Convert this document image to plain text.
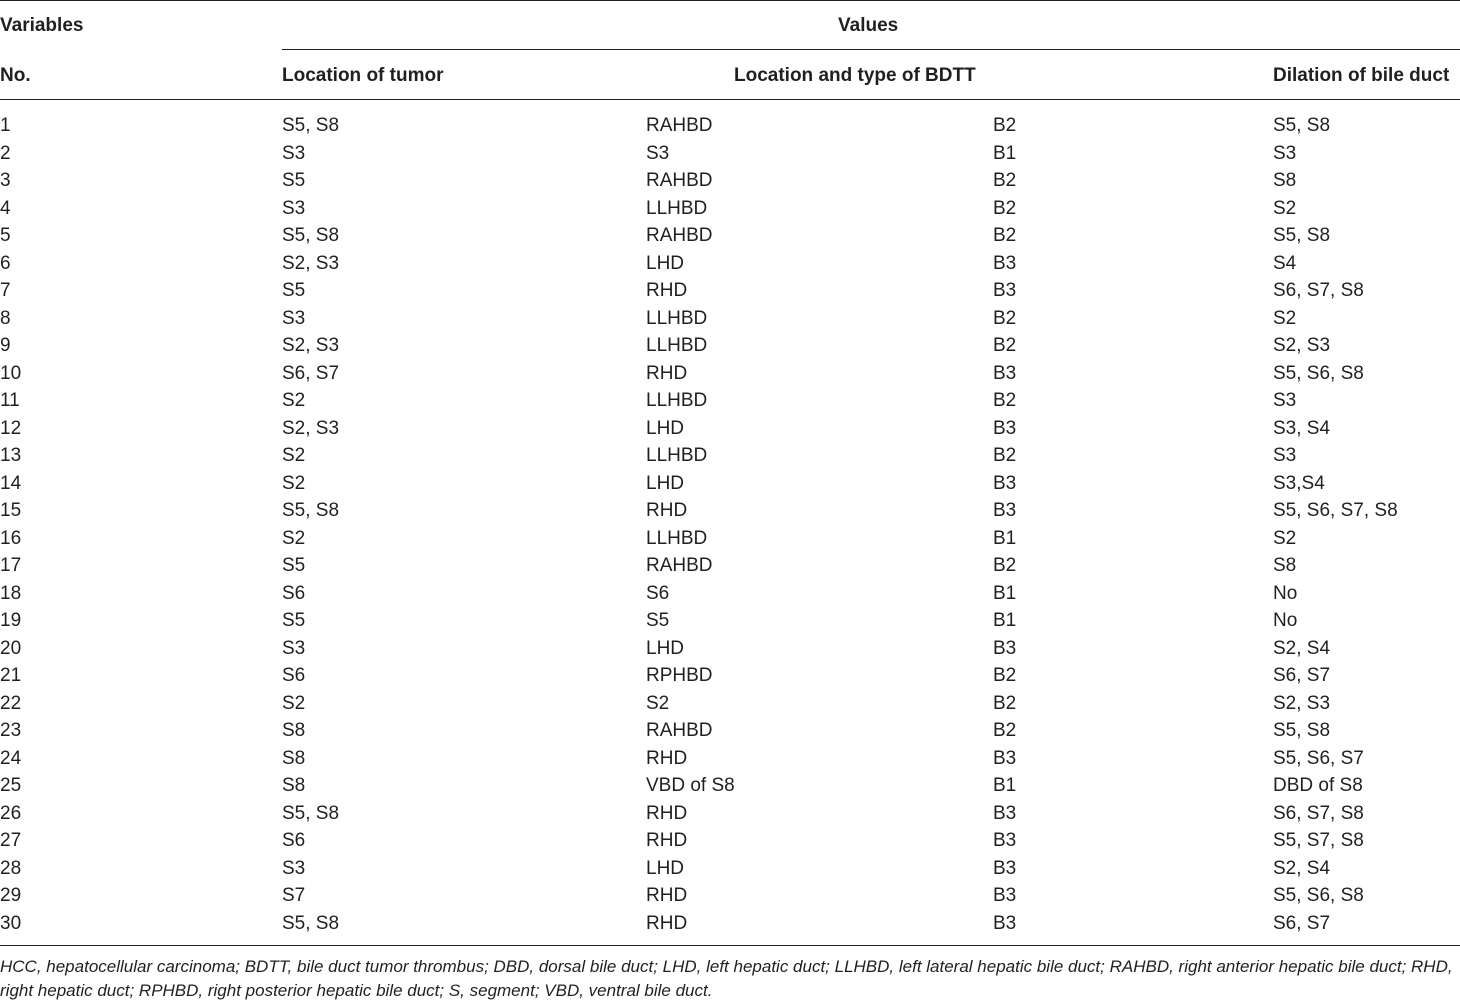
Variables	Values
No.	Location of tumor	Location and type of BDTT	Dilation of bile duct
1	S5, S8	RAHBD	B2	S5, S8
2	S3	S3	B1	S3
3	S5	RAHBD	B2	S8
4	S3	LLHBD	B2	S2
5	S5, S8	RAHBD	B2	S5, S8
6	S2, S3	LHD	B3	S4
7	S5	RHD	B3	S6, S7, S8
8	S3	LLHBD	B2	S2
9	S2, S3	LLHBD	B2	S2, S3
10	S6, S7	RHD	B3	S5, S6, S8
11	S2	LLHBD	B2	S3
12	S2, S3	LHD	B3	S3, S4
13	S2	LLHBD	B2	S3
14	S2	LHD	B3	S3,S4
15	S5, S8	RHD	B3	S5, S6, S7, S8
16	S2	LLHBD	B1	S2
17	S5	RAHBD	B2	S8
18	S6	S6	B1	No
19	S5	S5	B1	No
20	S3	LHD	B3	S2, S4
21	S6	RPHBD	B2	S6, S7
22	S2	S2	B2	S2, S3
23	S8	RAHBD	B2	S5, S8
24	S8	RHD	B3	S5, S6, S7
25	S8	VBD of S8	B1	DBD of S8
26	S5, S8	RHD	B3	S6, S7, S8
27	S6	RHD	B3	S5, S7, S8
28	S3	LHD	B3	S2, S4
29	S7	RHD	B3	S5, S6, S8
30	S5, S8	RHD	B3	S6, S7
HCC, hepatocellular carcinoma; BDTT, bile duct tumor thrombus; DBD, dorsal bile duct; LHD, left hepatic duct; LLHBD, left lateral hepatic bile duct; RAHBD, right anterior hepatic bile duct; RHD, right hepatic duct; RPHBD, right posterior hepatic bile duct; S, segment; VBD, ventral bile duct.
